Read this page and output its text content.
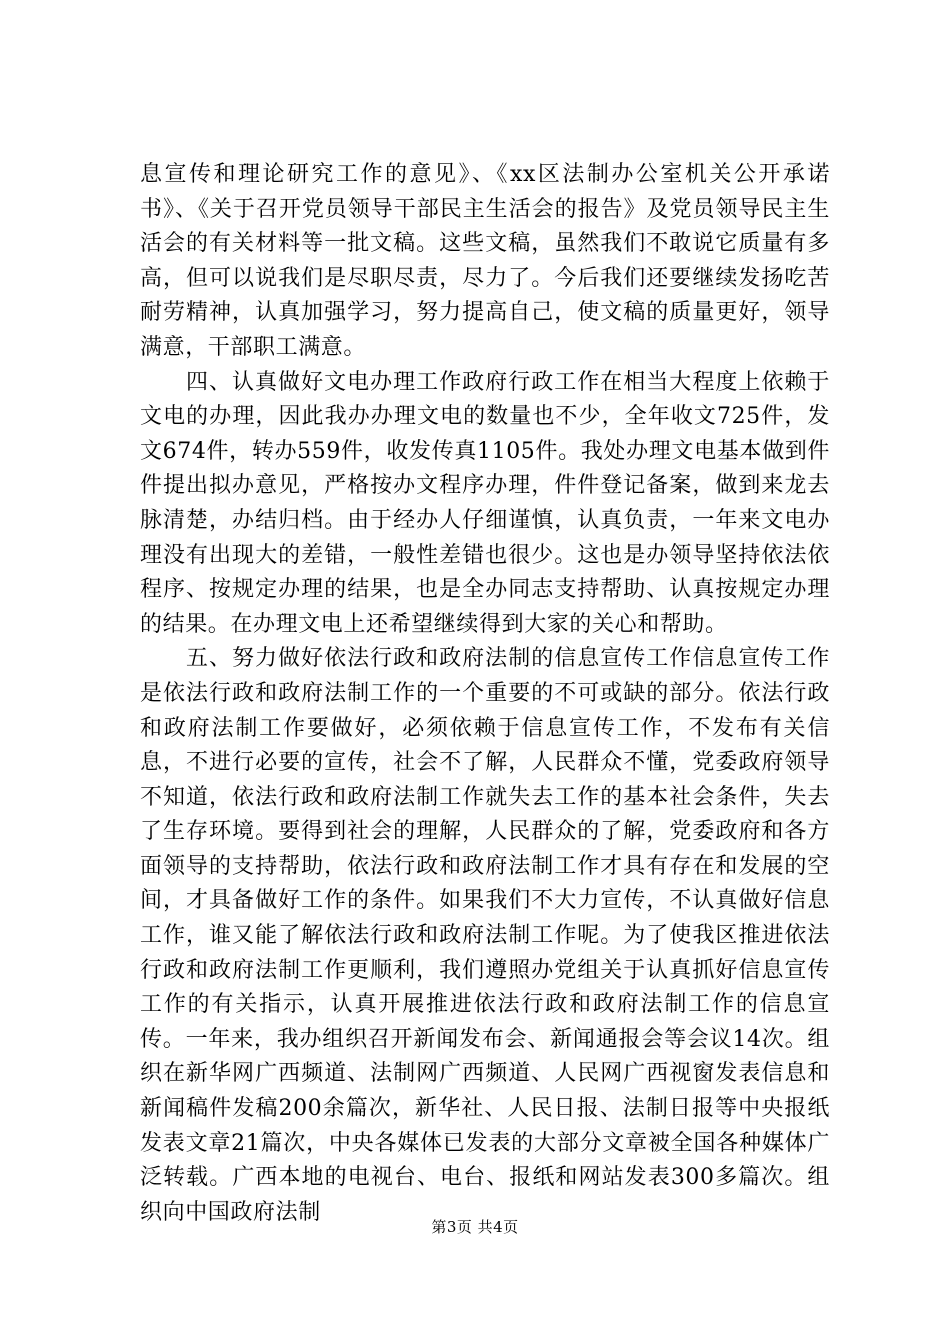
息宣传和理论研究工作的意见》、《xx区法制办公室机关公开承诺书》、《关于召开党员领导干部民主生活会的报告》及党员领导民主生活会的有关材料等一批文稿。这些文稿，虽然我们不敢说它质量有多高，但可以说我们是尽职尽责，尽力了。今后我们还要继续发扬吃苦耐劳精神，认真加强学习，努力提高自己，使文稿的质量更好，领导满意，干部职工满意。

四、认真做好文电办理工作政府行政工作在相当大程度上依赖于文电的办理，因此我办办理文电的数量也不少，全年收文725件，发文674件，转办559件，收发传真1105件。我处办理文电基本做到件件提出拟办意见，严格按办文程序办理，件件登记备案，做到来龙去脉清楚，办结归档。由于经办人仔细谨慎，认真负责，一年来文电办理没有出现大的差错，一般性差错也很少。这也是办领导坚持依法依程序、按规定办理的结果，也是全办同志支持帮助、认真按规定办理的结果。在办理文电上还希望继续得到大家的关心和帮助。

五、努力做好依法行政和政府法制的信息宣传工作信息宣传工作是依法行政和政府法制工作的一个重要的不可或缺的部分。依法行政和政府法制工作要做好，必须依赖于信息宣传工作，不发布有关信息，不进行必要的宣传，社会不了解，人民群众不懂，党委政府领导不知道，依法行政和政府法制工作就失去工作的基本社会条件，失去了生存环境。要得到社会的理解，人民群众的了解，党委政府和各方面领导的支持帮助，依法行政和政府法制工作才具有存在和发展的空间，才具备做好工作的条件。如果我们不大力宣传，不认真做好信息工作，谁又能了解依法行政和政府法制工作呢。为了使我区推进依法行政和政府法制工作更顺利，我们遵照办党组关于认真抓好信息宣传工作的有关指示，认真开展推进依法行政和政府法制工作的信息宣传。一年来，我办组织召开新闻发布会、新闻通报会等会议14次。组织在新华网广西频道、法制网广西频道、人民网广西视窗发表信息和新闻稿件发稿200余篇次，新华社、人民日报、法制日报等中央报纸发表文章21篇次，中央各媒体已发表的大部分文章被全国各种媒体广泛转载。广西本地的电视台、电台、报纸和网站发表300多篇次。组织向中国政府法制

第3页 共4页
